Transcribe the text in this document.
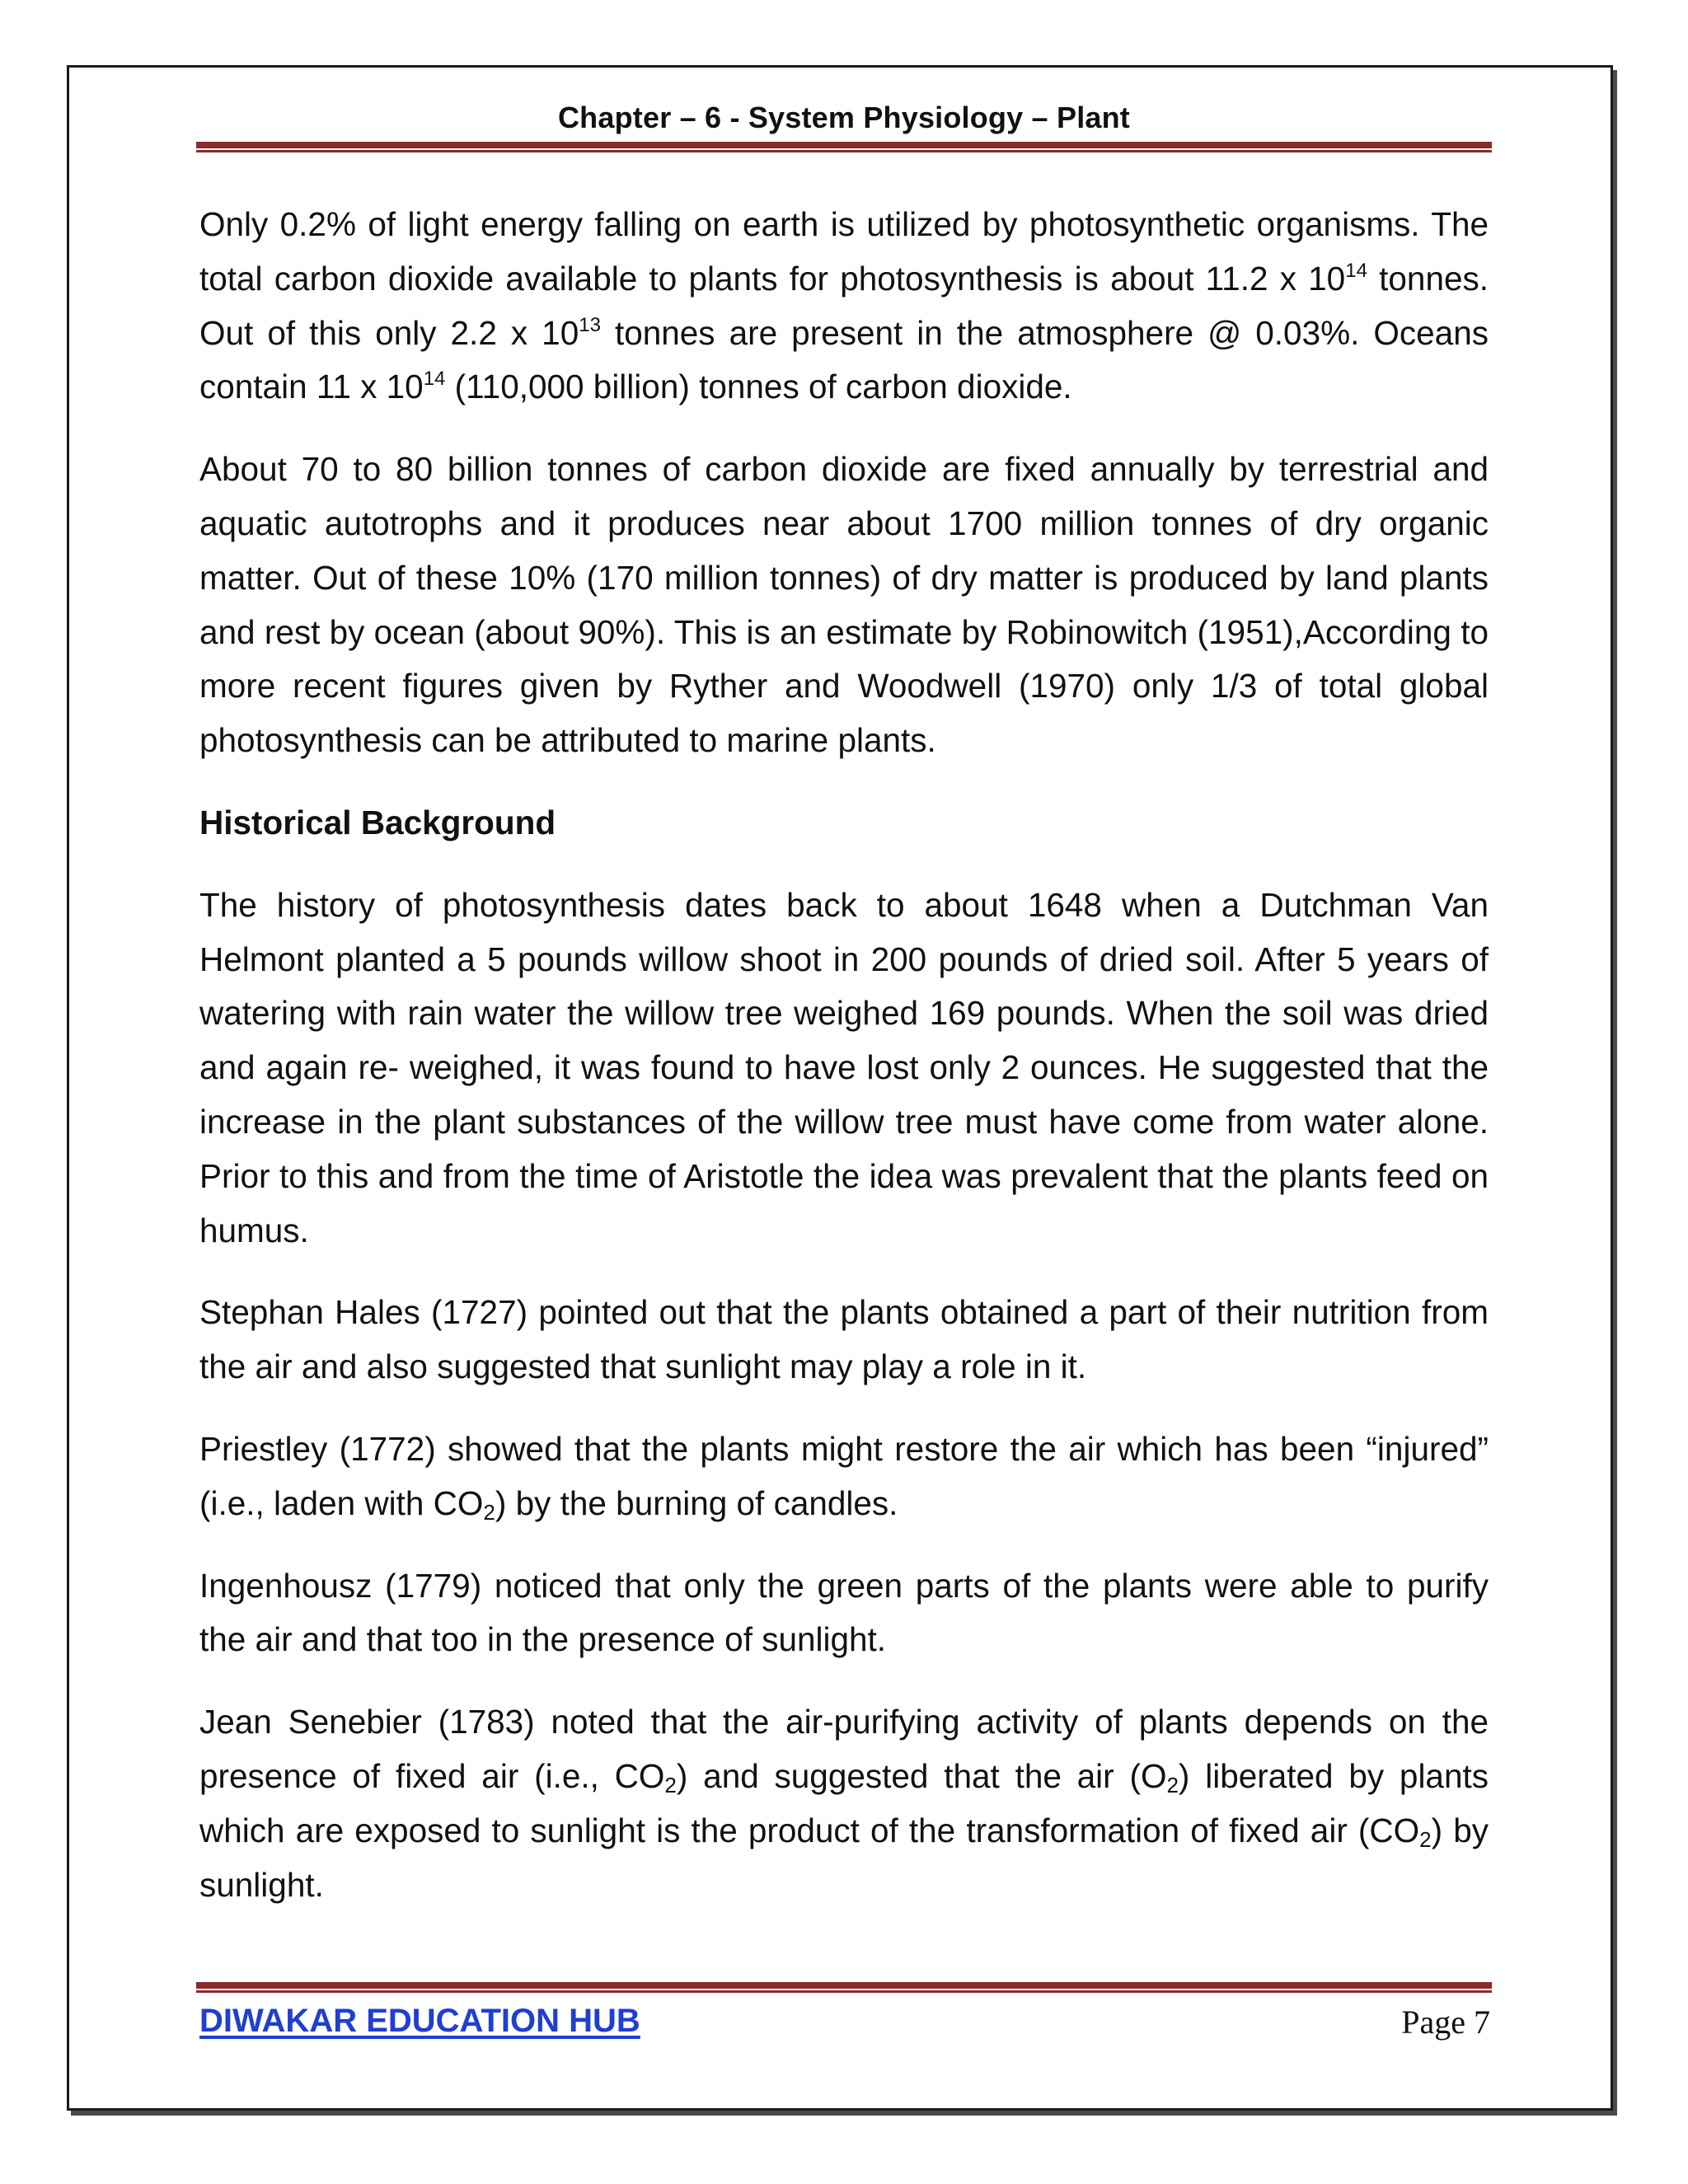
Chapter – 6 - System Physiology – Plant

Only 0.2% of light energy falling on earth is utilized by photosynthetic organisms. The total carbon dioxide available to plants for photosynthesis is about 11.2 x $10^{14}$ tonnes. Out of this only 2.2 x $10^{13}$ tonnes are present in the atmosphere @ 0.03%. Oceans contain 11 x $10^{14}$ (110,000 billion) tonnes of carbon dioxide.

About 70 to 80 billion tonnes of carbon dioxide are fixed annually by terrestrial and aquatic autotrophs and it produces near about 1700 million tonnes of dry organic matter. Out of these 10% (170 million tonnes) of dry matter is produced by land plants and rest by ocean (about 90%). This is an estimate by Robinowitch (1951),According to more recent figures given by Ryther and Woodwell (1970) only 1/3 of total global photosynthesis can be attributed to marine plants.

Historical Background

The history of photosynthesis dates back to about 1648 when a Dutchman Van Helmont planted a 5 pounds willow shoot in 200 pounds of dried soil. After 5 years of watering with rain water the willow tree weighed 169 pounds. When the soil was dried and again re- weighed, it was found to have lost only 2 ounces. He suggested that the increase in the plant substances of the willow tree must have come from water alone. Prior to this and from the time of Aristotle the idea was prevalent that the plants feed on humus.

Stephan Hales (1727) pointed out that the plants obtained a part of their nutrition from the air and also suggested that sunlight may play a role in it.

Priestley (1772) showed that the plants might restore the air which has been “injured” (i.e., laden with $CO_2$) by the burning of candles.

Ingenhousz (1779) noticed that only the green parts of the plants were able to purify the air and that too in the presence of sunlight.

Jean Senebier (1783) noted that the air-purifying activity of plants depends on the presence of fixed air (i.e., $CO_2$) and suggested that the air $(O_2)$ liberated by plants which are exposed to sunlight is the product of the transformation of fixed air $(CO_2)$ by sunlight.

DIWAKAR EDUCATION HUB	Page 7
